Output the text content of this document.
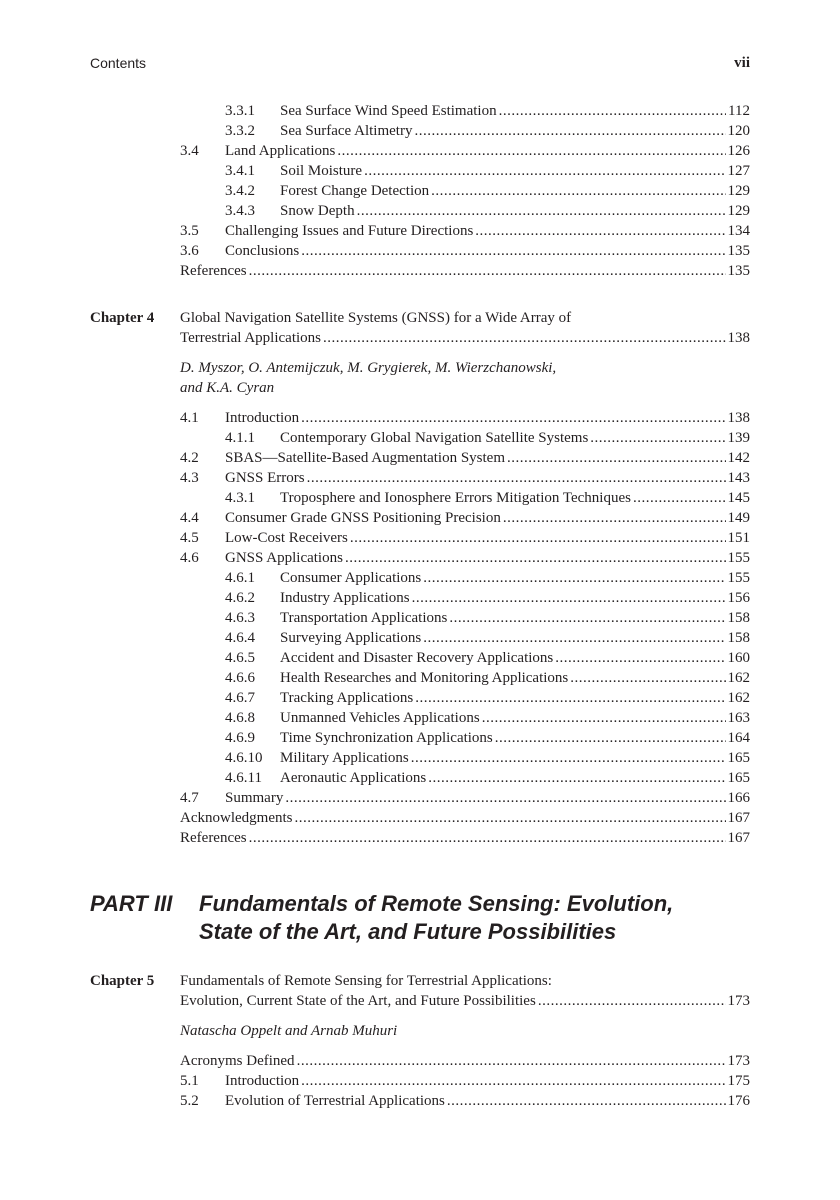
Contents	vii
3.3.1 Sea Surface Wind Speed Estimation .....	112
3.3.2 Sea Surface Altimetry .....	120
3.4 Land Applications .....	126
3.4.1 Soil Moisture .....	127
3.4.2 Forest Change Detection .....	129
3.4.3 Snow Depth .....	129
3.5 Challenging Issues and Future Directions .....	134
3.6 Conclusions .....	135
References .....	135
Chapter 4 Global Navigation Satellite Systems (GNSS) for a Wide Array of
Terrestrial Applications .....	138
D. Myszor, O. Antemijczuk, M. Grygierek, M. Wierzchanowski,
and K.A. Cyran
4.1 Introduction .....	138
4.1.1 Contemporary Global Navigation Satellite Systems .....	139
4.2 SBAS—Satellite-Based Augmentation System .....	142
4.3 GNSS Errors .....	143
4.3.1 Troposphere and Ionosphere Errors Mitigation Techniques .....	145
4.4 Consumer Grade GNSS Positioning Precision .....	149
4.5 Low-Cost Receivers .....	151
4.6 GNSS Applications .....	155
4.6.1 Consumer Applications .....	155
4.6.2 Industry Applications .....	156
4.6.3 Transportation Applications .....	158
4.6.4 Surveying Applications .....	158
4.6.5 Accident and Disaster Recovery Applications .....	160
4.6.6 Health Researches and Monitoring Applications .....	162
4.6.7 Tracking Applications .....	162
4.6.8 Unmanned Vehicles Applications .....	163
4.6.9 Time Synchronization Applications .....	164
4.6.10 Military Applications .....	165
4.6.11 Aeronautic Applications .....	165
4.7 Summary .....	166
Acknowledgments .....	167
References .....	167
PART III Fundamentals of Remote Sensing: Evolution,
State of the Art, and Future Possibilities
Chapter 5 Fundamentals of Remote Sensing for Terrestrial Applications:
Evolution, Current State of the Art, and Future Possibilities .....	173
Natascha Oppelt and Arnab Muhuri
Acronyms Defined .....	173
5.1 Introduction .....	175
5.2 Evolution of Terrestrial Applications .....	176
